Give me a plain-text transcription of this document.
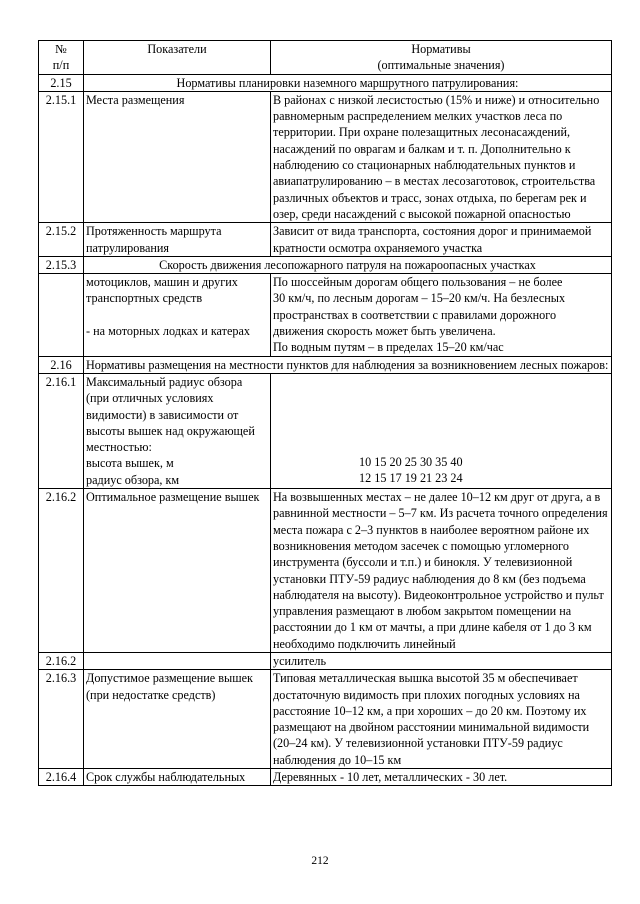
№
п/п	Показатели	Нормативы
(оптимальные значения)

2.15	Нормативы планировки наземного маршрутного патрулирования:	
2.15.1	Места размещения	В районах с низкой лесистостью (15% и ниже) и относительно равномерным распределением мелких участков леса по территории. При охране полезащитных лесонасаждений, насаждений по оврагам и балкам и т. п. Дополнительно к наблюдению со стационарных наблюдательных пунктов и авиапатрулированию – в местах лесозаготовок, строительства различных объектов и трасс, зонах отдыха, по берегам рек и озер, среди насаждений с высокой пожарной опасностью
2.15.2	Протяженность маршрута патрулирования	Зависит от вида транспорта, состояния дорог и принимаемой кратности осмотра охраняемого участка
2.15.3	Скорость движения лесопожарного патруля на пожароопасных участках	

	мотоциклов, машин и других транспортных средств
- на моторных лодках и катерах	По шоссейным дорогам общего пользования – не более
30 км/ч, по лесным дорогам – 15–20 км/ч. На безлесных пространствах в соответствии с правилами дорожного движения скорость может быть увеличена.
По водным путям – в пределах 15–20 км/час

2.16	Нормативы размещения на местности пунктов для наблюдения за возникновением лесных пожаров:	
2.16.1	Максимальный радиус обзора (при отличных условиях видимости) в зависимости от высоты вышек над окружающей местностью:
высота вышек, м
радиус обзора, км	10 15 20 25 30 35 40
12 15 17 19 21 23 24

2.16.2	Оптимальное размещение вышек	На возвышенных местах – не далее 10–12 км друг от друга, а в равнинной местности – 5–7 км. Из расчета точного определения места пожара с 2–3 пунктов в наиболее вероятном районе их возникновения методом засечек с помощью угломерного инструмента (буссоли и т.п.) и бинокля. У телевизионной установки ПТУ-59 радиус наблюдения до 8 км (без подъема наблюдателя на высоту). Видеоконтрольное устройство и пульт управления размещают в любом закрытом помещении на расстоянии до 1 км от мачты, а при длине кабеля от 1 до 3 км необходимо подключить линейный
2.16.2		усилитель
2.16.3	Допустимое размещение вышек (при недостатке средств)	Типовая металлическая вышка высотой 35 м обеспечивает достаточную видимость при плохих погодных условиях на расстояние 10–12 км, а при хороших – до 20 км. Поэтому их размещают на двойном расстоянии минимальной видимости (20–24 км). У телевизионной установки ПТУ-59 радиус наблюдения до 10–15 км
2.16.4	Срок службы наблюдательных	Деревянных - 10 лет, металлических - 30 лет.
212
